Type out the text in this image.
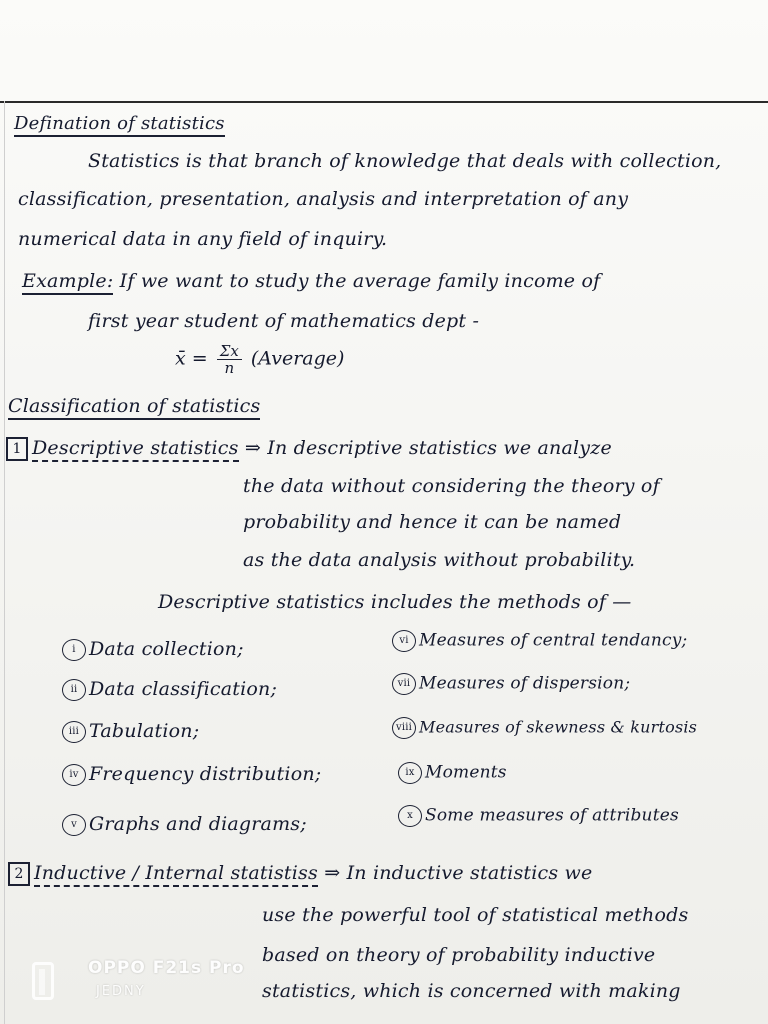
Defination of statistics
Statistics is that branch of knowledge that deals with collection,
classification, presentation, analysis and interpretation of any
numerical data in any field of inquiry.
Example: If we want to study the average family income of
first year student of mathematics dept -
x̄ = $\frac{\Sigma x}{n}$ (Average)
Classification of statistics
1 Descriptive statistics ⇒ In descriptive statistics we analyze
the data without considering the theory of
probability and hence it can be named
as the data analysis without probability.
Descriptive statistics includes the methods of —
i Data collection;
ii Data classification;
iii Tabulation;
iv Frequency distribution;
v Graphs and diagrams;
vi Measures of central tendancy;
vii Measures of dispersion;
viii Measures of skewness & kurtosis
ix Moments
x Some measures of attributes
2 Inductive / Internal statistiss ⇒ In inductive statistics we
use the powerful tool of statistical methods
based on theory of probability inductive
statistics, which is concerned with making
OPPO F21s Pro
JEDNY
